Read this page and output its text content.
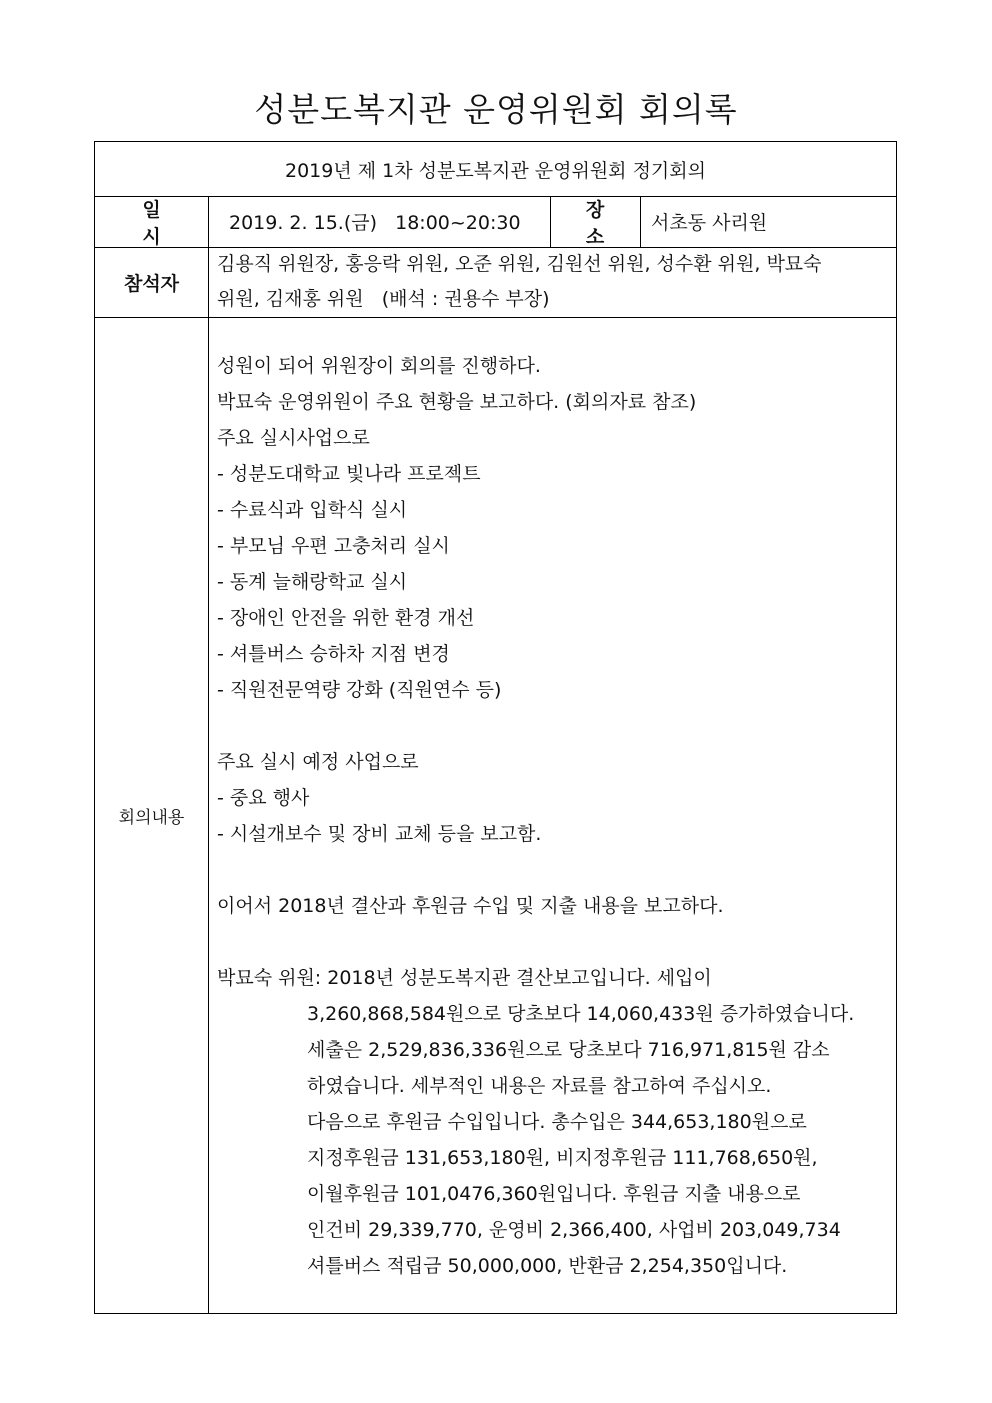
성분도복지관 운영위원회 회의록
2019년 제 1차 성분도복지관 운영위원회 정기회의
일 시
2019. 2. 15.(금)   18:00~20:30
장 소
서초동 사리원
참석자
김용직 위원장, 홍응락 위원, 오준 위원, 김원선 위원, 성수환 위원, 박묘숙
위원, 김재홍 위원   (배석 : 권용수 부장)
회의내용
성원이 되어 위원장이 회의를 진행하다.
박묘숙 운영위원이 주요 현황을 보고하다. (회의자료 참조)
주요 실시사업으로
- 성분도대학교 빛나라 프로젝트
- 수료식과 입학식 실시
- 부모님 우편 고충처리 실시
- 동계 늘해랑학교 실시
- 장애인 안전을 위한 환경 개선
- 셔틀버스 승하차 지점 변경
- 직원전문역량 강화 (직원연수 등)
주요 실시 예정 사업으로
- 중요 행사
- 시설개보수 및 장비 교체 등을 보고함.
이어서 2018년 결산과 후원금 수입 및 지출 내용을 보고하다.
박묘숙 위원: 2018년 성분도복지관 결산보고입니다. 세입이
3,260,868,584원으로 당초보다 14,060,433원 증가하였습니다.
세출은 2,529,836,336원으로 당초보다 716,971,815원 감소
하였습니다. 세부적인 내용은 자료를 참고하여 주십시오.
다음으로 후원금 수입입니다. 총수입은 344,653,180원으로
지정후원금 131,653,180원, 비지정후원금 111,768,650원,
이월후원금 101,0476,360원입니다. 후원금 지출 내용으로
인건비 29,339,770, 운영비 2,366,400, 사업비 203,049,734
셔틀버스 적립금 50,000,000, 반환금 2,254,350입니다.
